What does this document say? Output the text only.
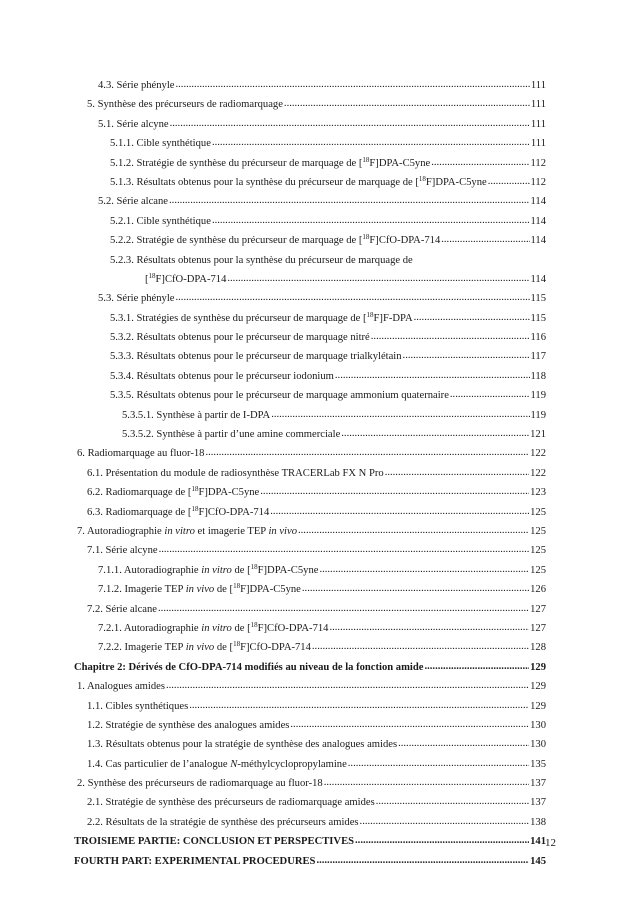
4.3. Série phényle .....	111
5. Synthèse des précurseurs de radiomarquage .....	111
5.1. Série alcyne .....	111
5.1.1. Cible synthétique .....	111
5.1.2. Stratégie de synthèse du précurseur de marquage de [$^{18}$F]DPA-C5yne .....	112
5.1.3. Résultats obtenus pour la synthèse du précurseur de marquage de [$^{18}$F]DPA-C5yne .....	112
5.2. Série alcane .....	114
5.2.1. Cible synthétique .....	114
5.2.2. Stratégie de synthèse du précurseur de marquage de [$^{18}$F]CfO-DPA-714 .....	114
5.2.3. Résultats obtenus pour la synthèse du précurseur de marquage de
[$^{18}$F]CfO-DPA-714 .....	114
5.3. Série phényle .....	115
5.3.1. Stratégies de synthèse du précurseur de marquage de [$^{18}$F]F-DPA .....	115
5.3.2. Résultats obtenus pour le précurseur de marquage nitré .....	116
5.3.3. Résultats obtenus pour le précurseur de marquage trialkylétain .....	117
5.3.4. Résultats obtenus pour le précurseur iodonium .....	118
5.3.5. Résultats obtenus pour le précurseur de marquage ammonium quaternaire .....	119
5.3.5.1. Synthèse à partir de I-DPA .....	119
5.3.5.2. Synthèse à partir d’une amine commerciale .....	121
6. Radiomarquage au fluor-18 .....	122
6.1. Présentation du module de radiosynthèse TRACERLab FX N Pro .....	122
6.2. Radiomarquage de [$^{18}$F]DPA-C5yne .....	123
6.3. Radiomarquage de [$^{18}$F]CfO-DPA-714 .....	125
7. Autoradiographie in vitro et imagerie TEP in vivo .....	125
7.1. Série alcyne .....	125
7.1.1. Autoradiographie in vitro de [$^{18}$F]DPA-C5yne .....	125
7.1.2. Imagerie TEP in vivo de [$^{18}$F]DPA-C5yne .....	126
7.2. Série alcane .....	127
7.2.1. Autoradiographie in vitro de [$^{18}$F]CfO-DPA-714 .....	127
7.2.2. Imagerie TEP in vivo de [$^{18}$F]CfO-DPA-714 .....	128
Chapitre 2: Dérivés de CfO-DPA-714 modifiés au niveau de la fonction amide .....	129
1. Analogues amides .....	129
1.1. Cibles synthétiques .....	129
1.2. Stratégie de synthèse des analogues amides .....	130
1.3. Résultats obtenus pour la stratégie de synthèse des analogues amides .....	130
1.4. Cas particulier de l’analogue N-méthylcyclopropylamine .....	135
2. Synthèse des précurseurs de radiomarquage au fluor-18 .....	137
2.1. Stratégie de synthèse des précurseurs de radiomarquage amides .....	137
2.2. Résultats de la stratégie de synthèse des précurseurs amides .....	138
TROISIEME PARTIE: CONCLUSION ET PERSPECTIVES .....	141
FOURTH PART: EXPERIMENTAL PROCEDURES .....	145
12
